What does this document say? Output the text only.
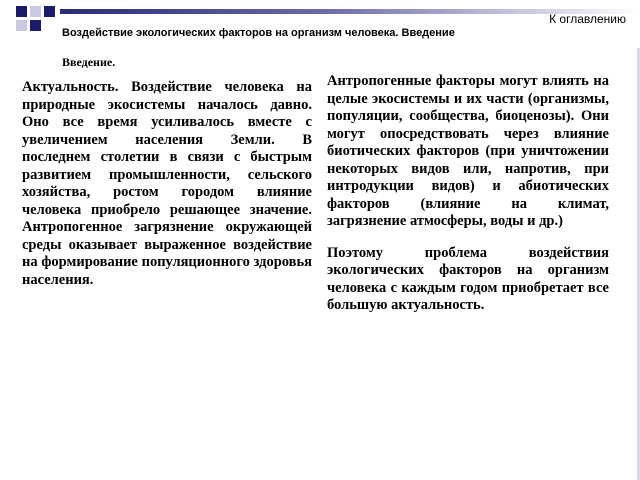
К оглавлению
Воздействие экологических факторов на организм человека. Введение
Введение.

Актуальность. Воздействие человека на природные экосистемы началось давно. Оно все время усиливалось вместе с увеличением населения Земли. В последнем столетии в связи с быстрым развитием промышленности, сельского хозяйства, ростом городом влияние человека приобрело решающее значение. Антропогенное загрязнение окружающей среды оказывает выраженное воздействие на формирование популяционного здоровья населения.

Антропогенные факторы могут влиять на целые экосистемы и их части (организмы, популяции, сообщества, биоценозы). Они могут опосредствовать через влияние биотических факторов (при уничтожении некоторых видов или, напротив, при интродукции видов) и абиотических факторов (влияние на климат, загрязнение атмосферы, воды и др.)

Поэтому проблема воздействия экологических факторов на организм человека с каждым годом приобретает все большую актуальность.
